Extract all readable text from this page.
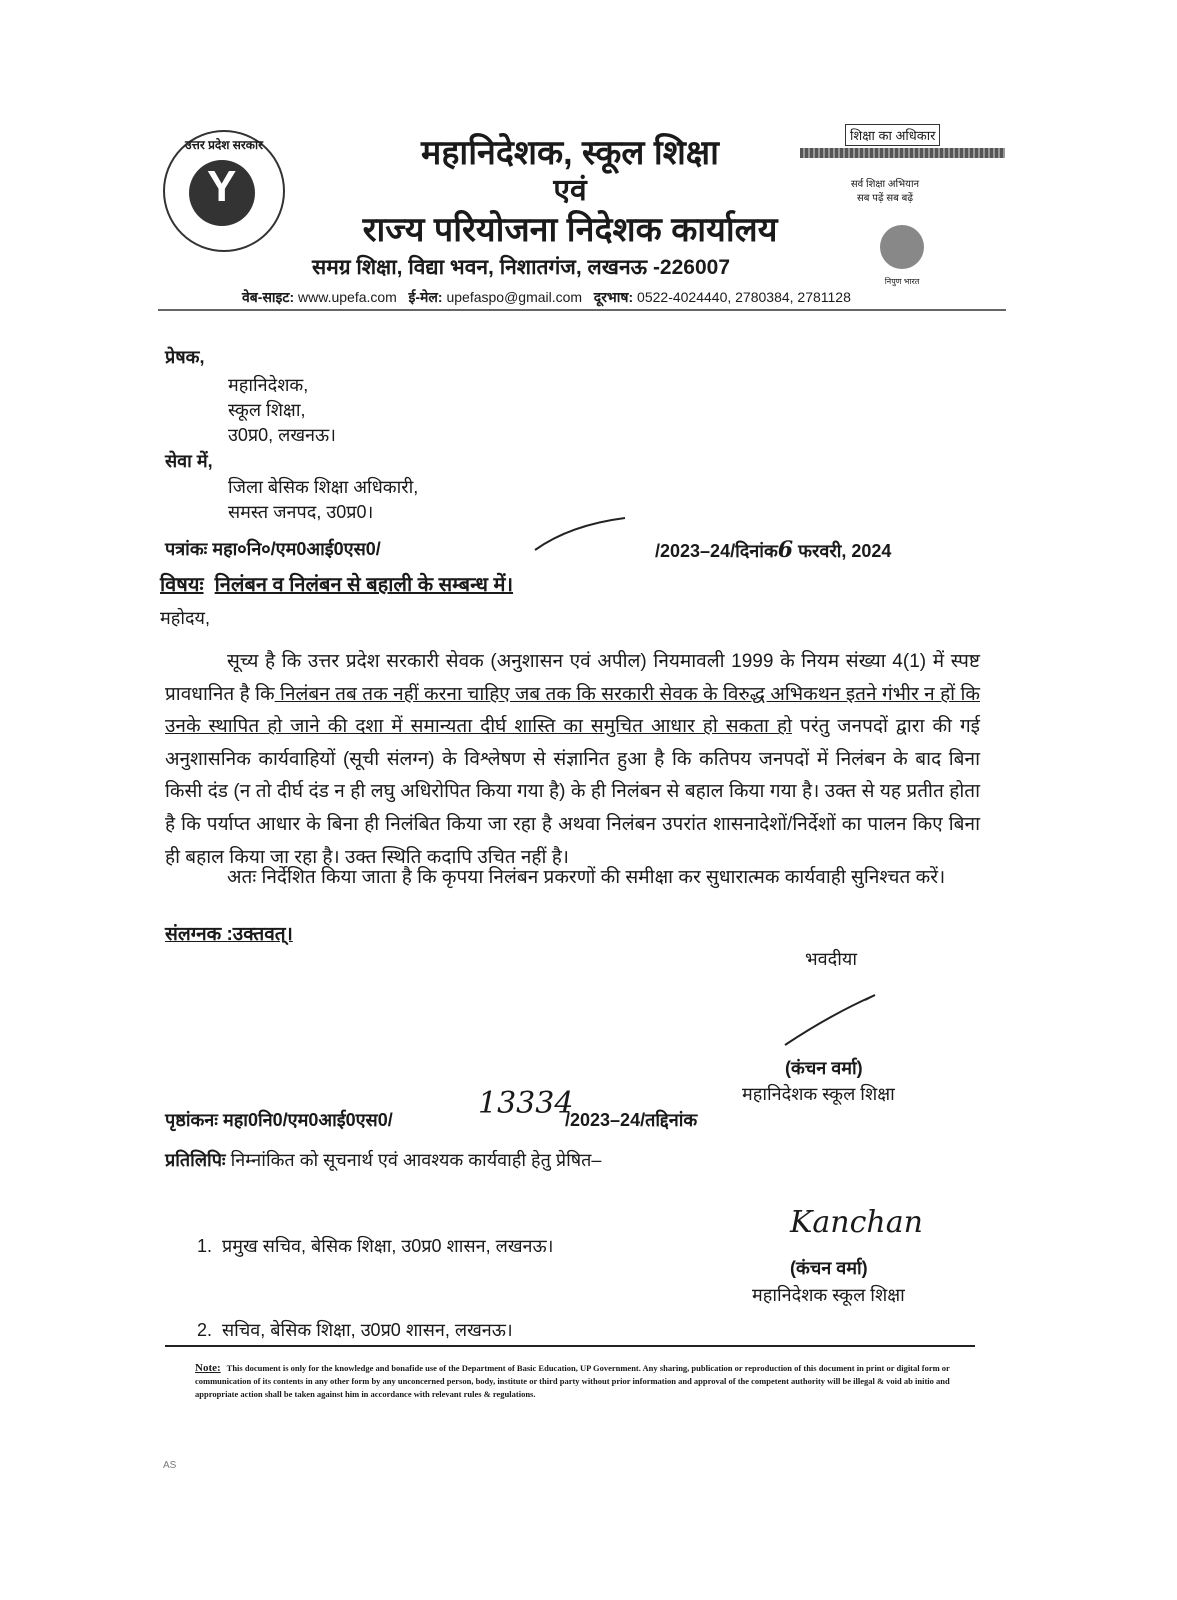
उत्तर प्रदेश सरकार
Y
महानिदेशक, स्कूल शिक्षा
एवं
राज्य परियोजना निदेशक कार्यालय
समग्र शिक्षा, विद्या भवन, निशातगंज, लखनऊ -226007
वेब-साइट: www.upefa.com ई-मेल: upefaspo@gmail.com दूरभाष: 0522-4024440, 2780384, 2781128
शिक्षा का अधिकार
सर्व शिक्षा अभियान
सब पढ़ें सब बढ़ें
निपुण भारत
प्रेषक,
महानिदेशक,
स्कूल शिक्षा,
उ0प्र0, लखनऊ।
सेवा में,
जिला बेसिक शिक्षा अधिकारी,
समस्त जनपद, उ0प्र0।
पत्रांकः महा०नि०/एम0आई0एस0/	/2023–24/दिनांक6 फरवरी, 2024
विषयः निलंबन व निलंबन से बहाली के सम्बन्ध में।
महोदय,
सूच्य है कि उत्तर प्रदेश सरकारी सेवक (अनुशासन एवं अपील) नियमावली 1999 के नियम संख्या 4(1) में स्पष्ट प्रावधानित है कि निलंबन तब तक नहीं करना चाहिए जब तक कि सरकारी सेवक के विरुद्ध अभिकथन इतने गंभीर न हों कि उनके स्थापित हो जाने की दशा में समान्यता दीर्घ शास्ति का समुचित आधार हो सकता हो परंतु जनपदों द्वारा की गई अनुशासनिक कार्यवाहियों (सूची संलग्न) के विश्लेषण से संज्ञानित हुआ है कि कतिपय जनपदों में निलंबन के बाद बिना किसी दंड (न तो दीर्घ दंड न ही लघु अधिरोपित किया गया है) के ही निलंबन से बहाल किया गया है। उक्त से यह प्रतीत होता है कि पर्याप्त आधार के बिना ही निलंबित किया जा रहा है अथवा निलंबन उपरांत शासनादेशों/निर्देशों का पालन किए बिना ही बहाल किया जा रहा है। उक्त स्थिति कदापि उचित नहीं है।
अतः निर्देशित किया जाता है कि कृपया निलंबन प्रकरणों की समीक्षा कर सुधारात्मक कार्यवाही सुनिश्चत करें।
संलग्नक :उक्तवत्।
भवदीया
(कंचन वर्मा)
महानिदेशक स्कूल शिक्षा
पृष्ठांकनः महा0नि0/एम0आई0एस0/	13334
/2023–24/तद्दिनांक
प्रतिलिपिः निम्नांकित को सूचनार्थ एवं आवश्यक कार्यवाही हेतु प्रेषित–

1.  प्रमुख सचिव, बेसिक शिक्षा, उ0प्र0 शासन, लखनऊ।

2.  सचिव, बेसिक शिक्षा, उ0प्र0 शासन, लखनऊ।

Kanchan
(कंचन वर्मा)
महानिदेशक स्कूल शिक्षा
Note: This document is only for the knowledge and bonafide use of the Department of Basic Education, UP Government. Any sharing, publication or reproduction of this document in print or digital form or communication of its contents in any other form by any unconcerned person, body, institute or third party without prior information and approval of the competent authority will be illegal & void ab initio and appropriate action shall be taken against him in accordance with relevant rules & regulations.
AS
